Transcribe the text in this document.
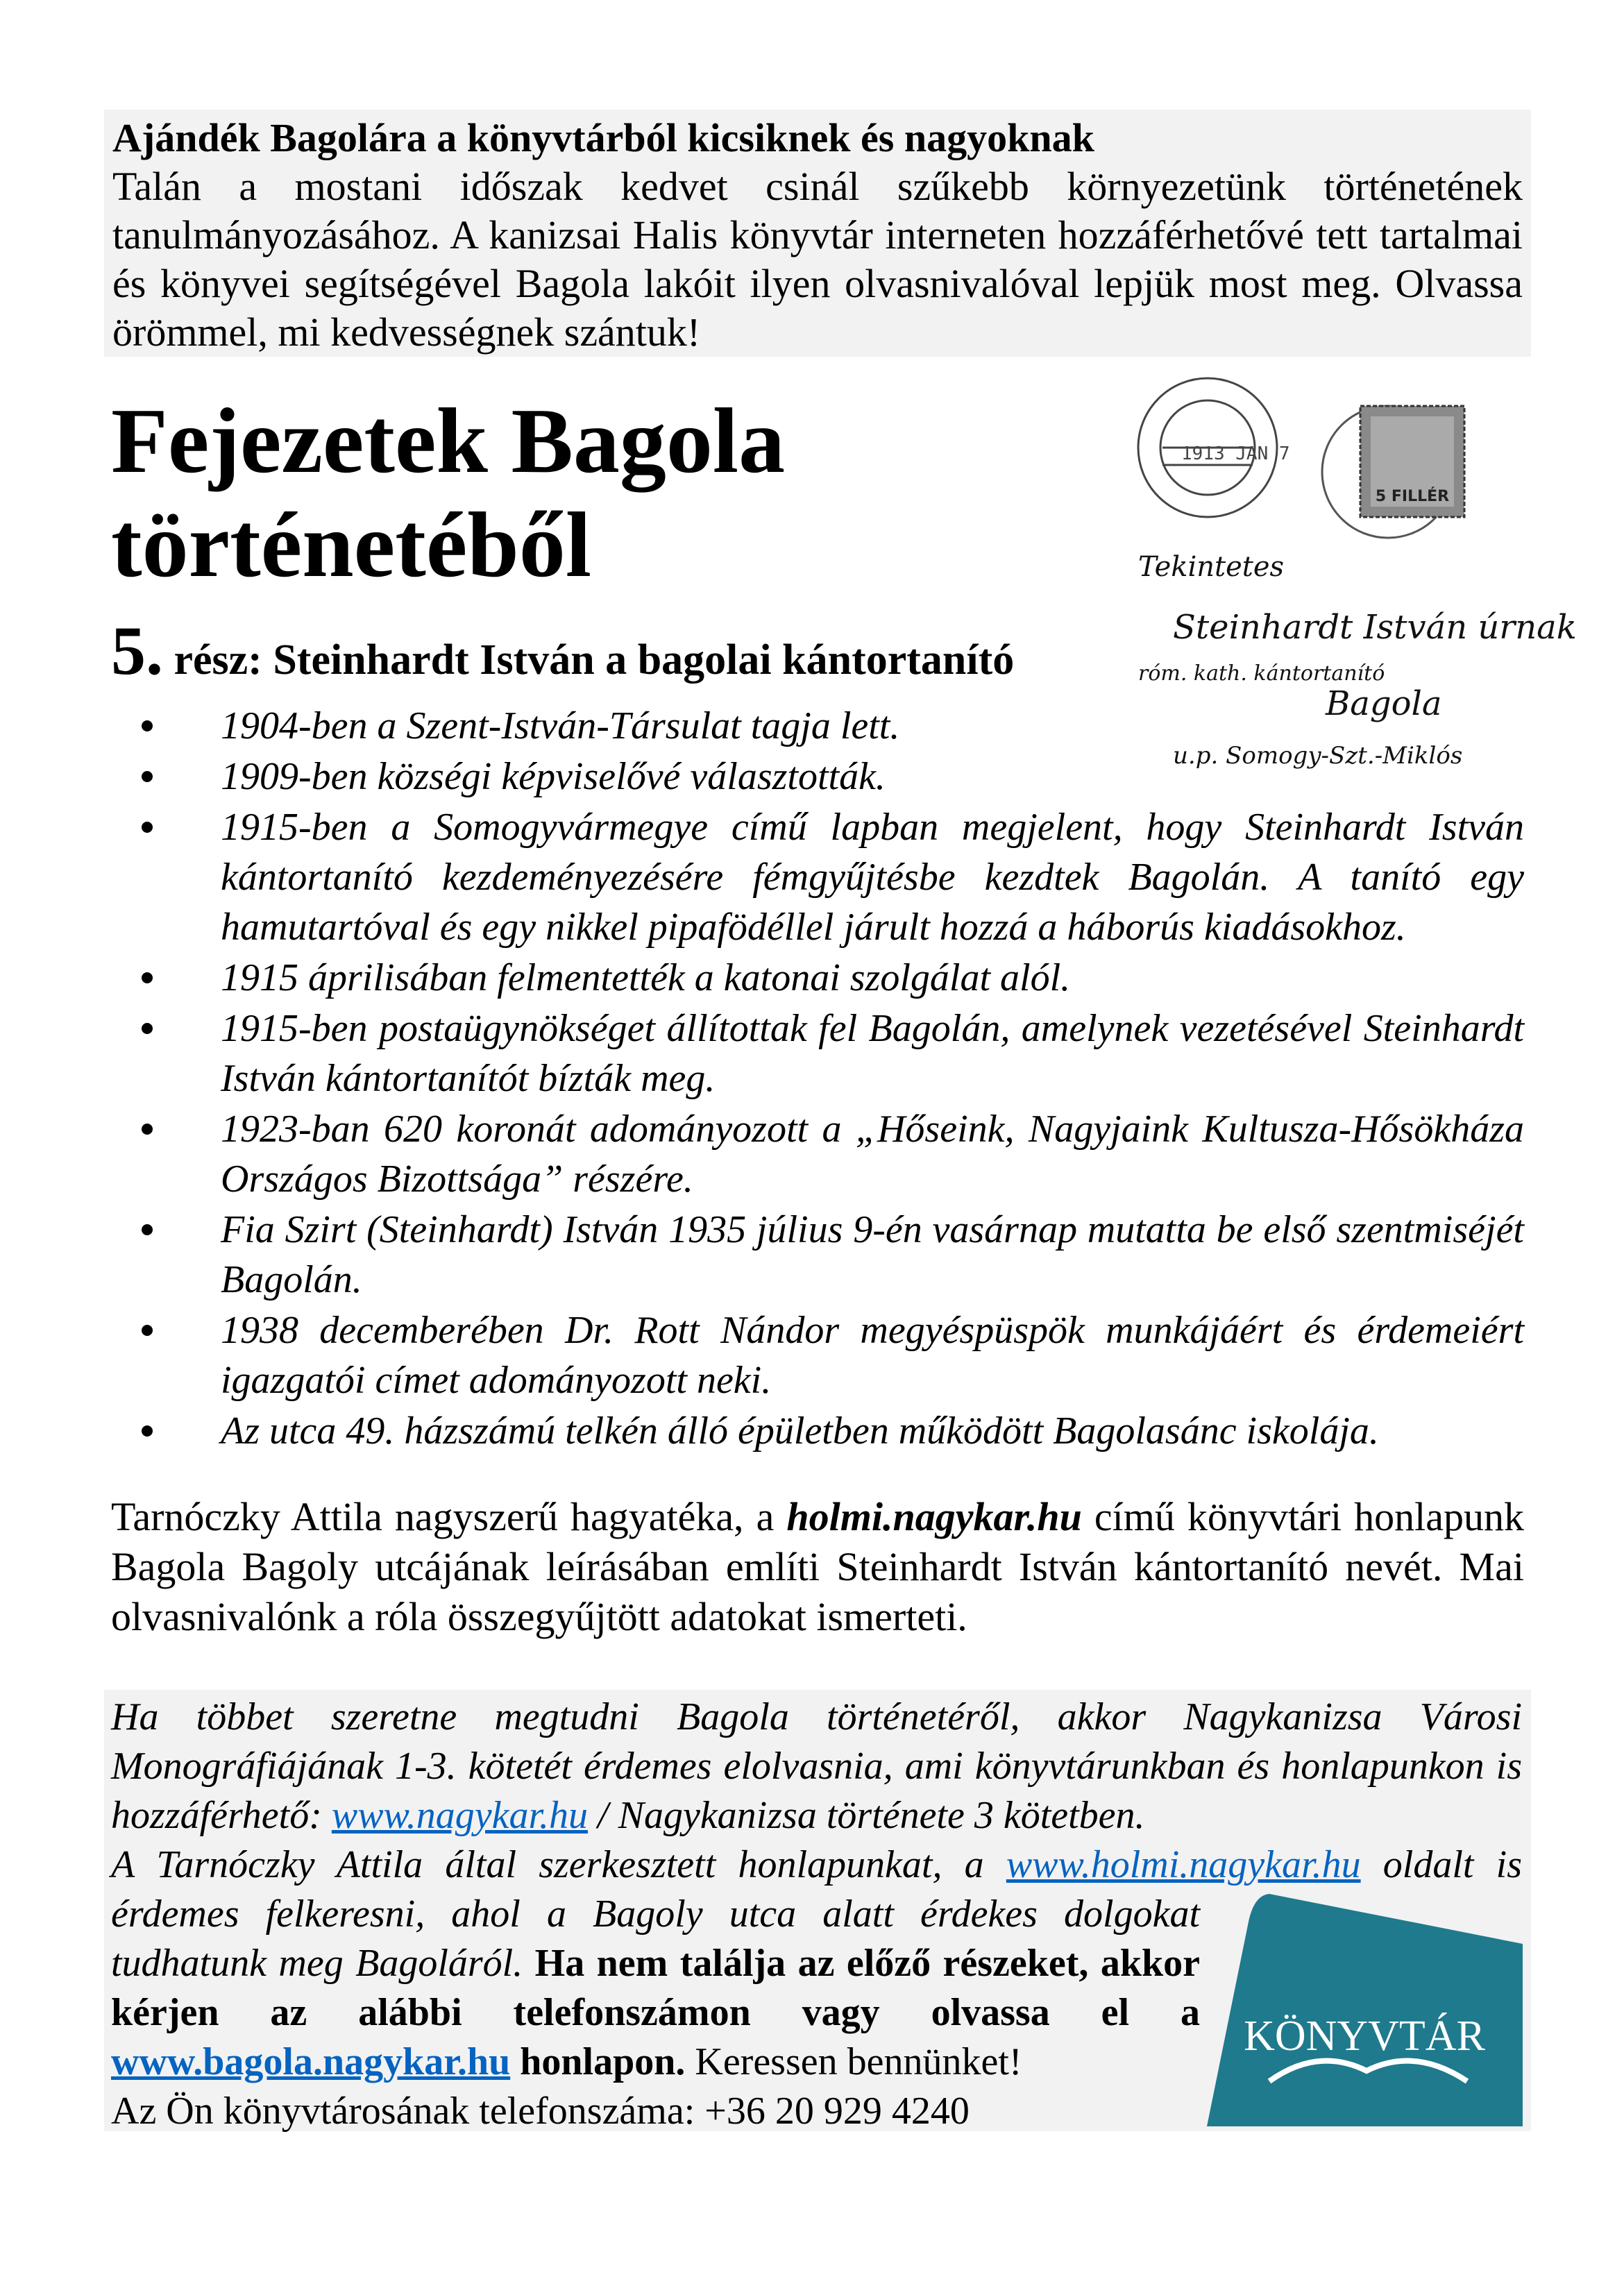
Ajándék Bagolára a könyvtárból kicsiknek és nagyoknak
Talán a mostani időszak kedvet csinál szűkebb környezetünk történetének tanulmányozásához. A kanizsai Halis könyvtár interneten hozzáférhetővé tett tartalmai és könyvei segítségével Bagola lakóit ilyen olvasnivalóval lepjük most meg. Olvassa örömmel, mi kedvességnek szántuk!
Fejezetek Bagola
történetéből
5. rész: Steinhardt István a bagolai kántortanító
1913 JAN 7
5 FILLÉR
Tekintetes
Steinhardt István úrnak
róm. kath. kántortanító
Bagola
u.p. Somogy-Szt.-Miklós
1904-ben a Szent-István-Társulat tagja lett.
1909-ben községi képviselővé választották.
1915-ben a Somogyvármegye című lapban megjelent, hogy Steinhardt István kántortanító kezdeményezésére fémgyűjtésbe kezdtek Bagolán. A tanító egy hamutartóval és egy nikkel pipafödéllel járult hozzá a háborús kiadásokhoz.
1915 áprilisában felmentették a katonai szolgálat alól.
1915-ben postaügynökséget állítottak fel Bagolán, amelynek vezetésével Steinhardt István kántortanítót bízták meg.
1923-ban 620 koronát adományozott a „Hőseink, Nagyjaink Kultusza-Hősökháza Országos Bizottsága” részére.
Fia Szirt (Steinhardt) István 1935 július 9-én vasárnap mutatta be első szentmiséjét Bagolán.
1938 decemberében Dr. Rott Nándor megyéspüspök munkájáért és érdemeiért igazgatói címet adományozott neki.
Az utca 49. házszámú telkén álló épületben működött Bagolasánc iskolája.
Tarnóczky Attila nagyszerű hagyatéka, a holmi.nagykar.hu című könyvtári honlapunk Bagola Bagoly utcájának leírásában említi Steinhardt István kántortanító nevét. Mai olvasnivalónk a róla összegyűjtött adatokat ismerteti.
KÖNYVTÁR
Ha többet szeretne megtudni Bagola történetéről, akkor Nagykanizsa Városi Monográfiájának 1-3. kötetét érdemes elolvasnia, ami könyvtárunkban és honlapunkon is hozzáférhető: www.nagykar.hu / Nagykanizsa története 3 kötetben.
A Tarnóczky Attila által szerkesztett honlapunkat, a www.holmi.nagykar.hu oldalt is érdemes felkeresni, ahol a Bagoly utca alatt érdekes dolgokat tudhatunk meg Bagoláról. Ha nem találja az előző részeket, akkor kérjen az alábbi telefonszámon vagy olvassa el a www.bagola.nagykar.hu honlapon. Keressen bennünket!
Az Ön könyvtárosának telefonszáma: +36 20 929 4240
